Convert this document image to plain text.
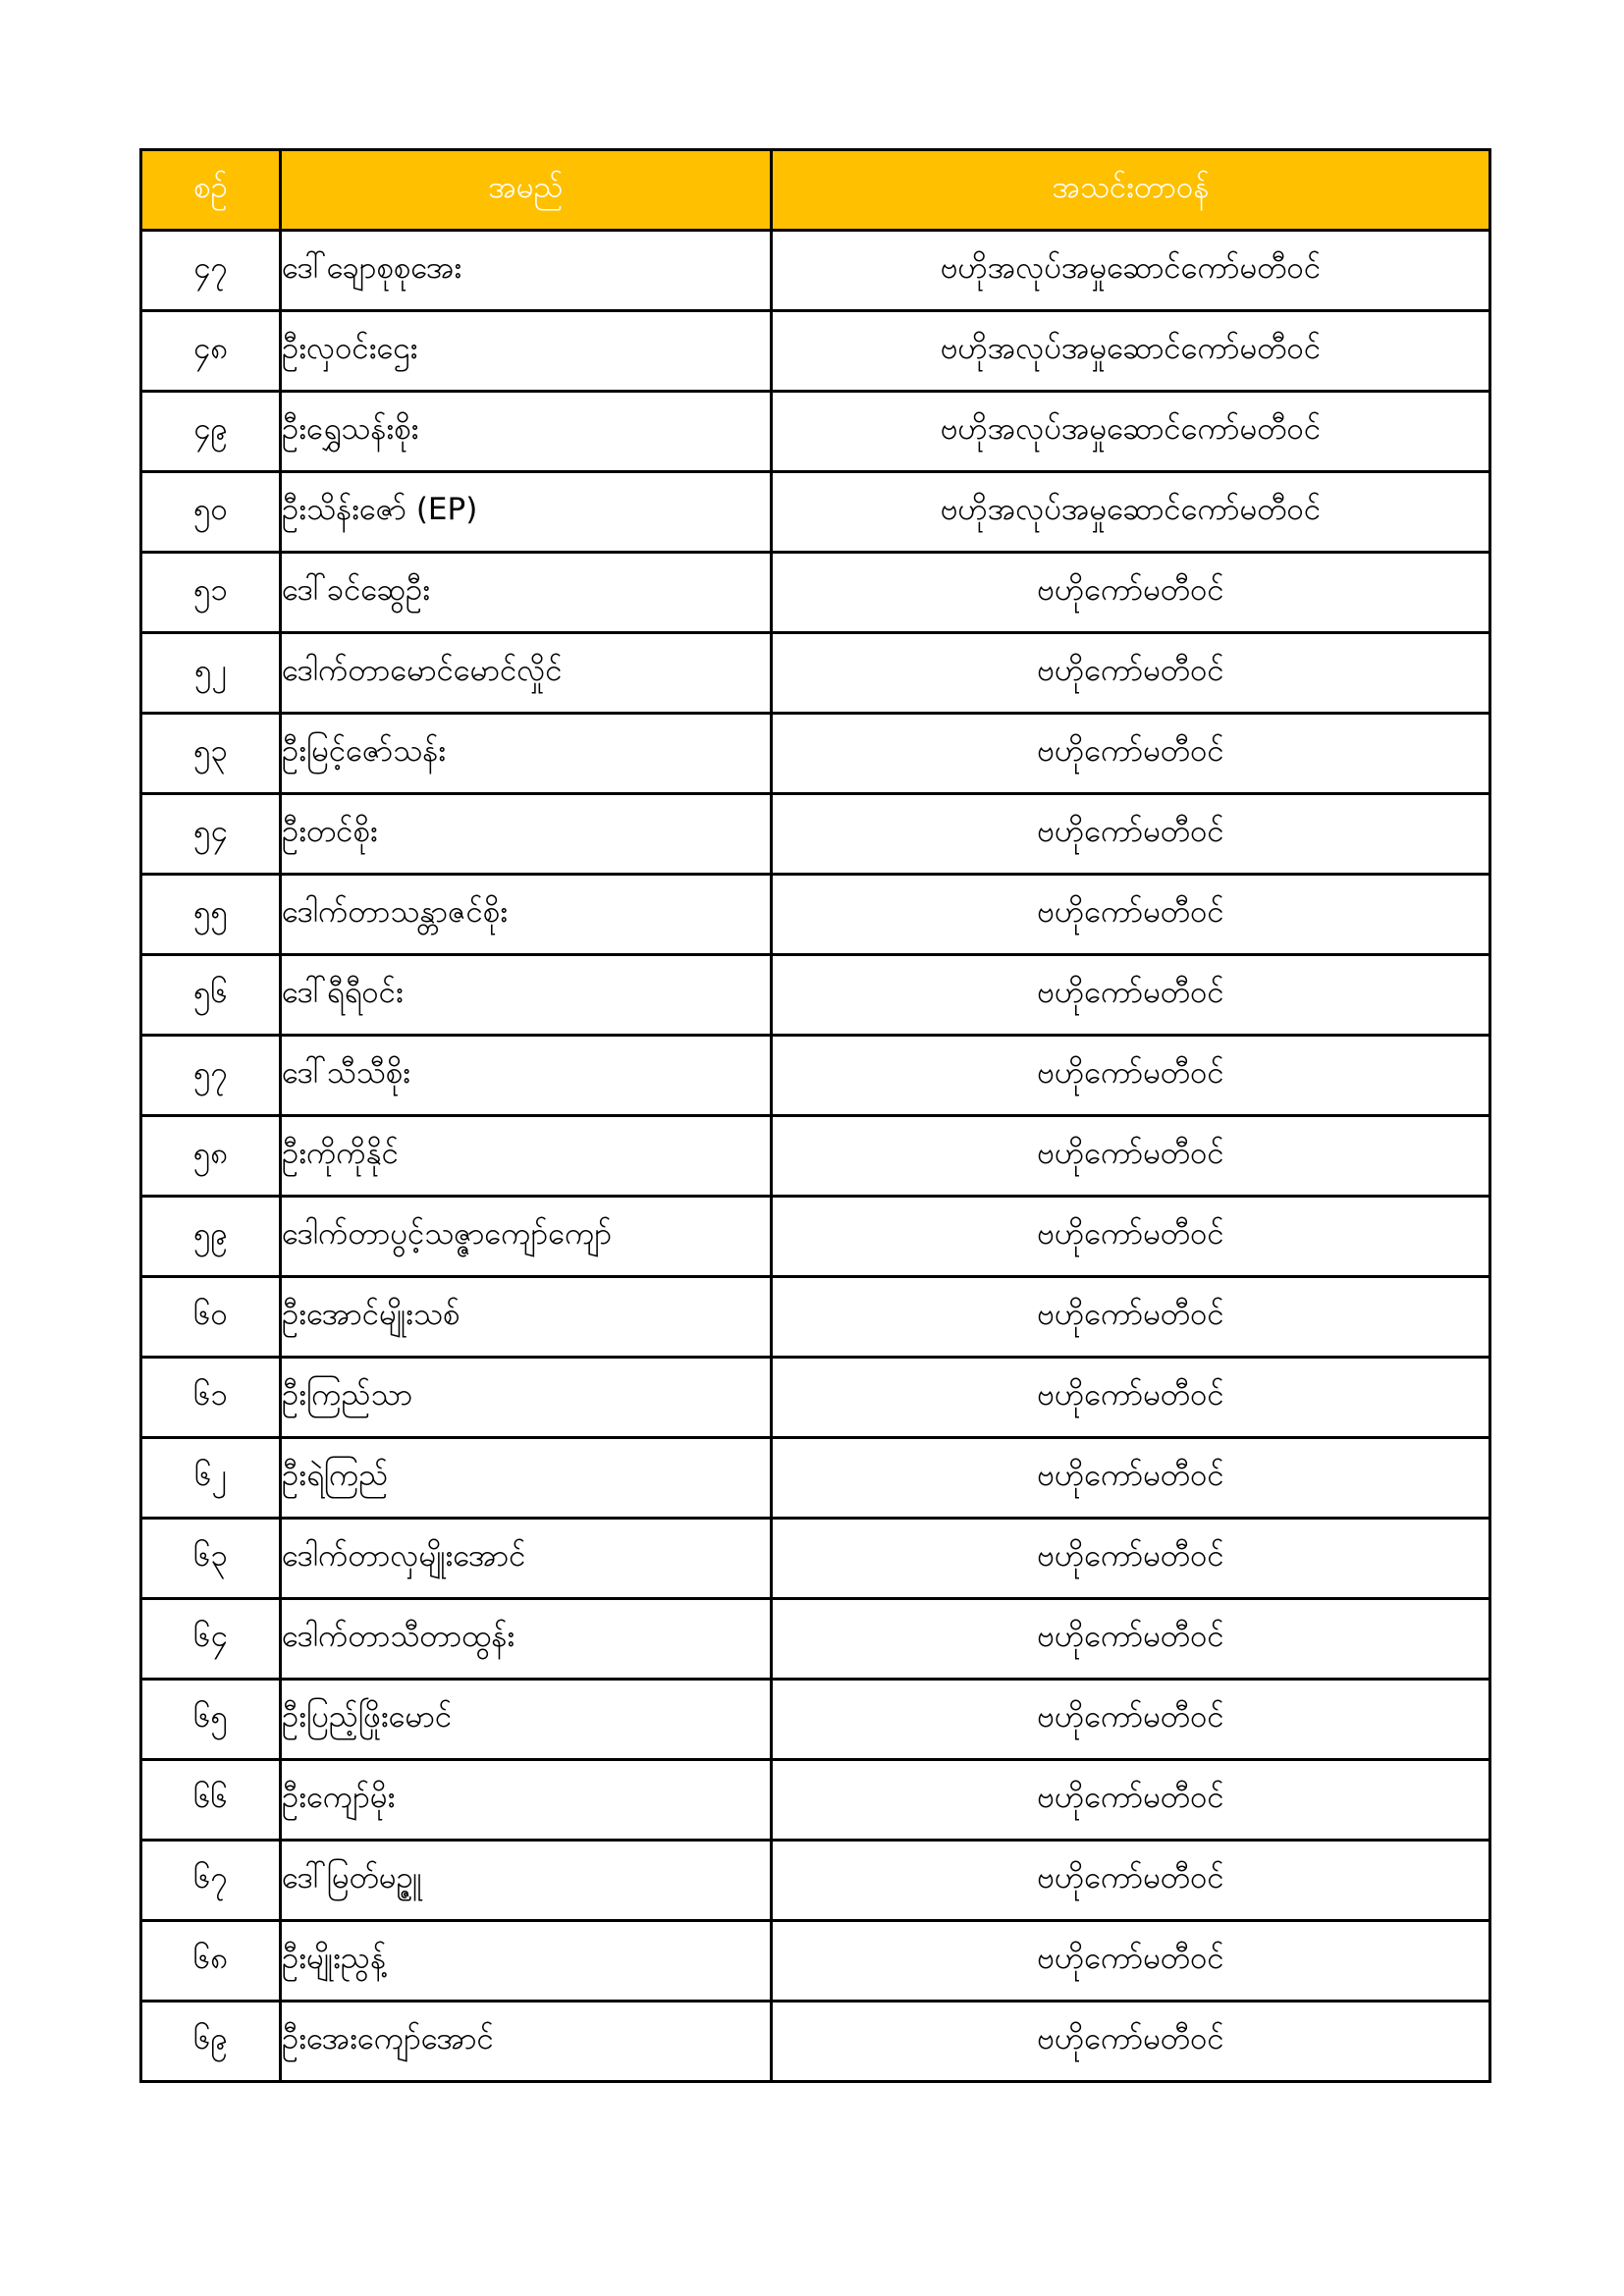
စဉ်	အမည်	အသင်းတာဝန်
၄၇	ဒေါ်ချောစုစုအေး	ဗဟိုအလုပ်အမှုဆောင်ကော်မတီဝင်
၄၈	ဦးလှဝင်းဌေး	ဗဟိုအလုပ်အမှုဆောင်ကော်မတီဝင်
၄၉	ဦးရွှေသန်းစိုး	ဗဟိုအလုပ်အမှုဆောင်ကော်မတီဝင်
၅၀	ဦးသိန်းဇော် (EP)	ဗဟိုအလုပ်အမှုဆောင်ကော်မတီဝင်
၅၁	ဒေါ်ခင်ဆွေဦး	ဗဟိုကော်မတီဝင်
၅၂	ဒေါက်တာမောင်မောင်လှိုင်	ဗဟိုကော်မတီဝင်
၅၃	ဦးမြင့်ဇော်သန်း	ဗဟိုကော်မတီဝင်
၅၄	ဦးတင်စိုး	ဗဟိုကော်မတီဝင်
၅၅	ဒေါက်တာသန္တာဇင်စိုး	ဗဟိုကော်မတီဝင်
၅၆	ဒေါ်ရီရီဝင်း	ဗဟိုကော်မတီဝင်
၅၇	ဒေါ်သီသီစိုး	ဗဟိုကော်မတီဝင်
၅၈	ဦးကိုကိုနိုင်	ဗဟိုကော်မတီဝင်
၅၉	ဒေါက်တာပွင့်သဇ္ဇာကျော်ကျော်	ဗဟိုကော်မတီဝင်
၆၀	ဦးအောင်မျိုးသစ်	ဗဟိုကော်မတီဝင်
၆၁	ဦးကြည်သာ	ဗဟိုကော်မတီဝင်
၆၂	ဦးရဲကြည်	ဗဟိုကော်မတီဝင်
၆၃	ဒေါက်တာလှမျိုးအောင်	ဗဟိုကော်မတီဝင်
၆၄	ဒေါက်တာသီတာထွန်း	ဗဟိုကော်မတီဝင်
၆၅	ဦးပြည့်ဖြိုးမောင်	ဗဟိုကော်မတီဝင်
၆၆	ဦးကျော်မိုး	ဗဟိုကော်မတီဝင်
၆၇	ဒေါ်မြတ်မဥ္ဇူ	ဗဟိုကော်မတီဝင်
၆၈	ဦးမျိုးညွန့်	ဗဟိုကော်မတီဝင်
၆၉	ဦးအေးကျော်အောင်	ဗဟိုကော်မတီဝင်
